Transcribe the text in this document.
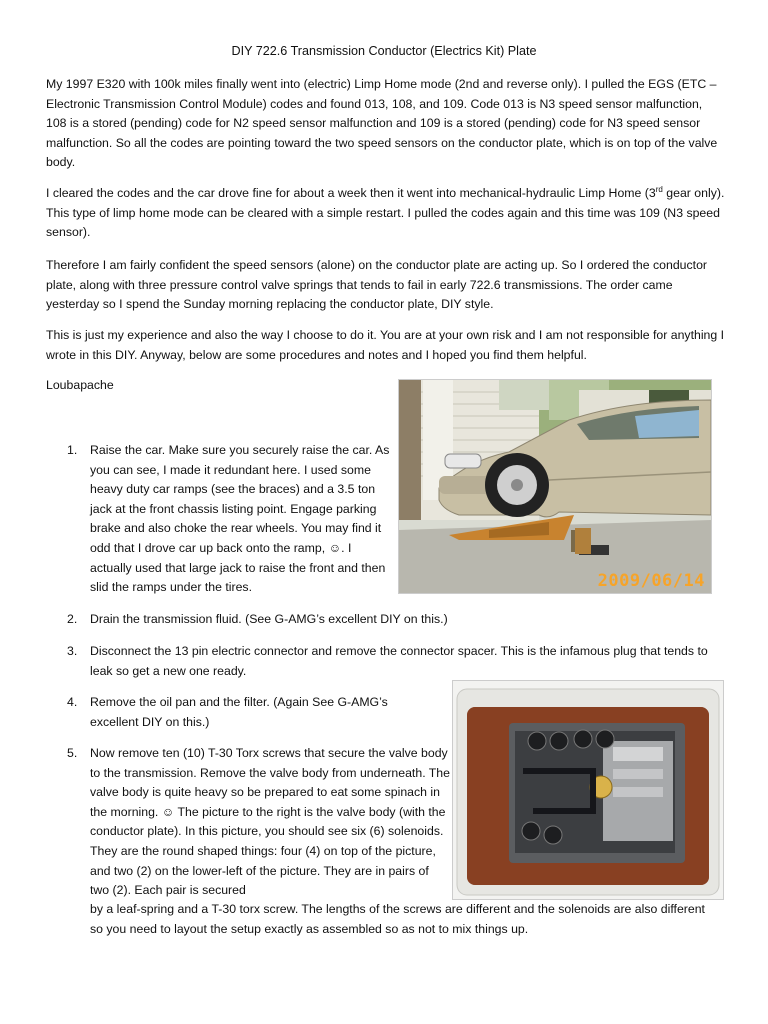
DIY 722.6 Transmission Conductor (Electrics Kit) Plate
My 1997 E320 with 100k miles finally went into (electric) Limp Home mode (2nd and reverse only). I pulled the EGS (ETC – Electronic Transmission Control Module) codes and found 013, 108, and 109. Code 013 is N3 speed sensor malfunction, 108 is a stored (pending) code for N2 speed sensor malfunction and 109 is a stored (pending) code for N3 speed sensor malfunction. So all the codes are pointing toward the two speed sensors on the conductor plate, which is on top of the valve body.
I cleared the codes and the car drove fine for about a week then it went into mechanical-hydraulic Limp Home (3rd gear only). This type of limp home mode can be cleared with a simple restart. I pulled the codes again and this time was 109 (N3 speed sensor).
Therefore I am fairly confident the speed sensors (alone) on the conductor plate are acting up. So I ordered the conductor plate, along with three pressure control valve springs that tends to fail in early 722.6 transmissions. The order came yesterday so I spend the Sunday morning replacing the conductor plate, DIY style.
This is just my experience and also the way I choose to do it. You are at your own risk and I am not responsible for anything I wrote in this DIY. Anyway, below are some procedures and notes and I hoped you find them helpful.
Loubapache
2009/06/14
1. Raise the car. Make sure you securely raise the car. As you can see, I made it redundant here. I used some heavy duty car ramps (see the braces) and a 3.5 ton jack at the front chassis listing point. Engage parking brake and also choke the rear wheels. You may find it odd that I drove car up back onto the ramp, ☺. I actually used that large jack to raise the front and then slid the ramps under the tires.
2. Drain the transmission fluid. (See G-AMG’s excellent DIY on this.)
3. Disconnect the 13 pin electric connector and remove the connector spacer. This is the infamous plug that tends to leak so get a new one ready.
4. Remove the oil pan and the filter. (Again See G-AMG’s excellent DIY on this.)
5. Now remove ten (10) T-30 Torx screws that secure the valve body to the transmission. Remove the valve body from underneath. The valve body is quite heavy so be prepared to eat some spinach in the morning. ☺ The picture to the right is the valve body (with the conductor plate). In this picture, you should see six (6) solenoids. They are the round shaped things: four (4) on top of the picture, and two (2) on the lower-left of the picture. They are in pairs of two (2). Each pair is secured
by a leaf-spring and a T-30 torx screw. The lengths of the screws are different and the solenoids are also different so you need to layout the setup exactly as assembled so as not to mix things up.
